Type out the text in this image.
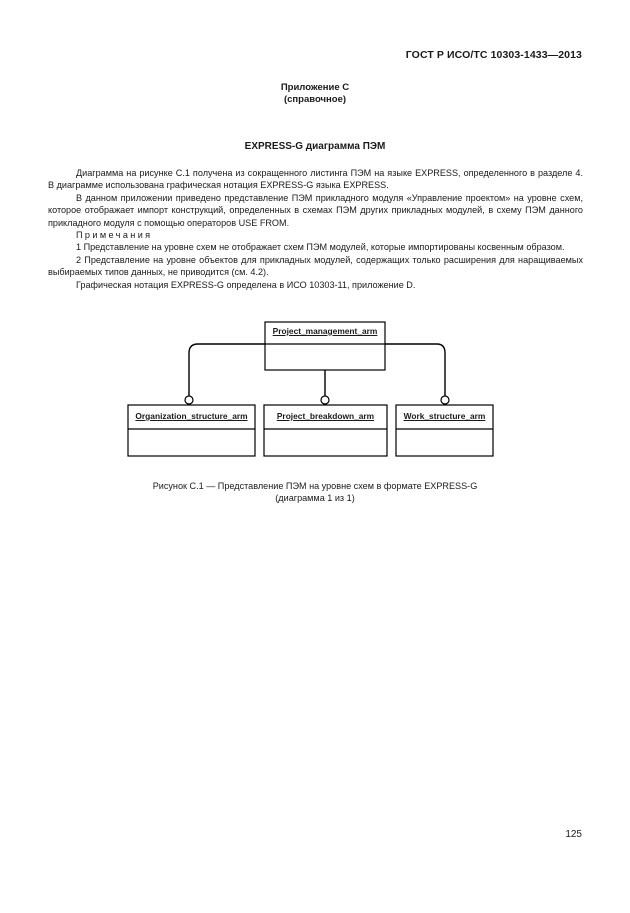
ГОСТ Р ИСО/ТС 10303-1433—2013
Приложение С
(справочное)
EXPRESS-G диаграмма ПЭМ

Диаграмма на рисунке С.1 получена из сокращенного листинга ПЭМ на языке EXPRESS, определенного в разделе 4. В диаграмме использована графическая нотация EXPRESS-G языка EXPRESS.

В данном приложении приведено представление ПЭМ прикладного модуля «Управление проектом» на уровне схем, которое отображает импорт конструкций, определенных в схемах ПЭМ других прикладных модулей, в схему ПЭМ данного прикладного модуля с помощью операторов USE FROM.

Примечания

1 Представление на уровне схем не отображает схем ПЭМ модулей, которые импортированы косвенным образом.

2 Представление на уровне объектов для прикладных модулей, содержащих только расширения для наращиваемых выбираемых типов данных, не приводится (см. 4.2).

Графическая нотация EXPRESS-G определена в ИСО 10303-11, приложение D.

Project_management_arm
Organization_structure_arm	Project_breakdown_arm	Work_structure_arm
Рисунок С.1 — Представление ПЭМ на уровне схем в формате EXPRESS-G
(диаграмма 1 из 1)
125
